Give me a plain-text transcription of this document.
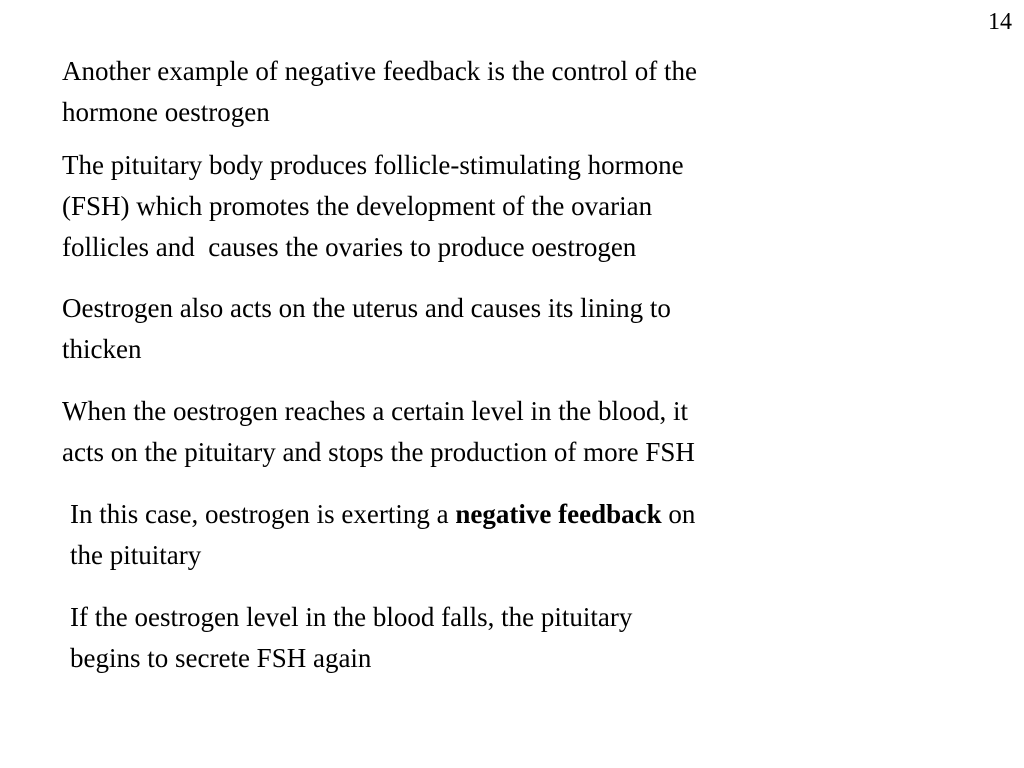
14

Another example of negative feedback is the control of the
hormone oestrogen

The pituitary body produces follicle-stimulating hormone
(FSH) which promotes the development of the ovarian
follicles and  causes the ovaries to produce oestrogen

Oestrogen also acts on the uterus and causes its lining to
thicken

When the oestrogen reaches a certain level in the blood, it
acts on the pituitary and stops the production of more FSH

In this case, oestrogen is exerting a negative feedback on
the pituitary

If the oestrogen level in the blood falls, the pituitary
begins to secrete FSH again
